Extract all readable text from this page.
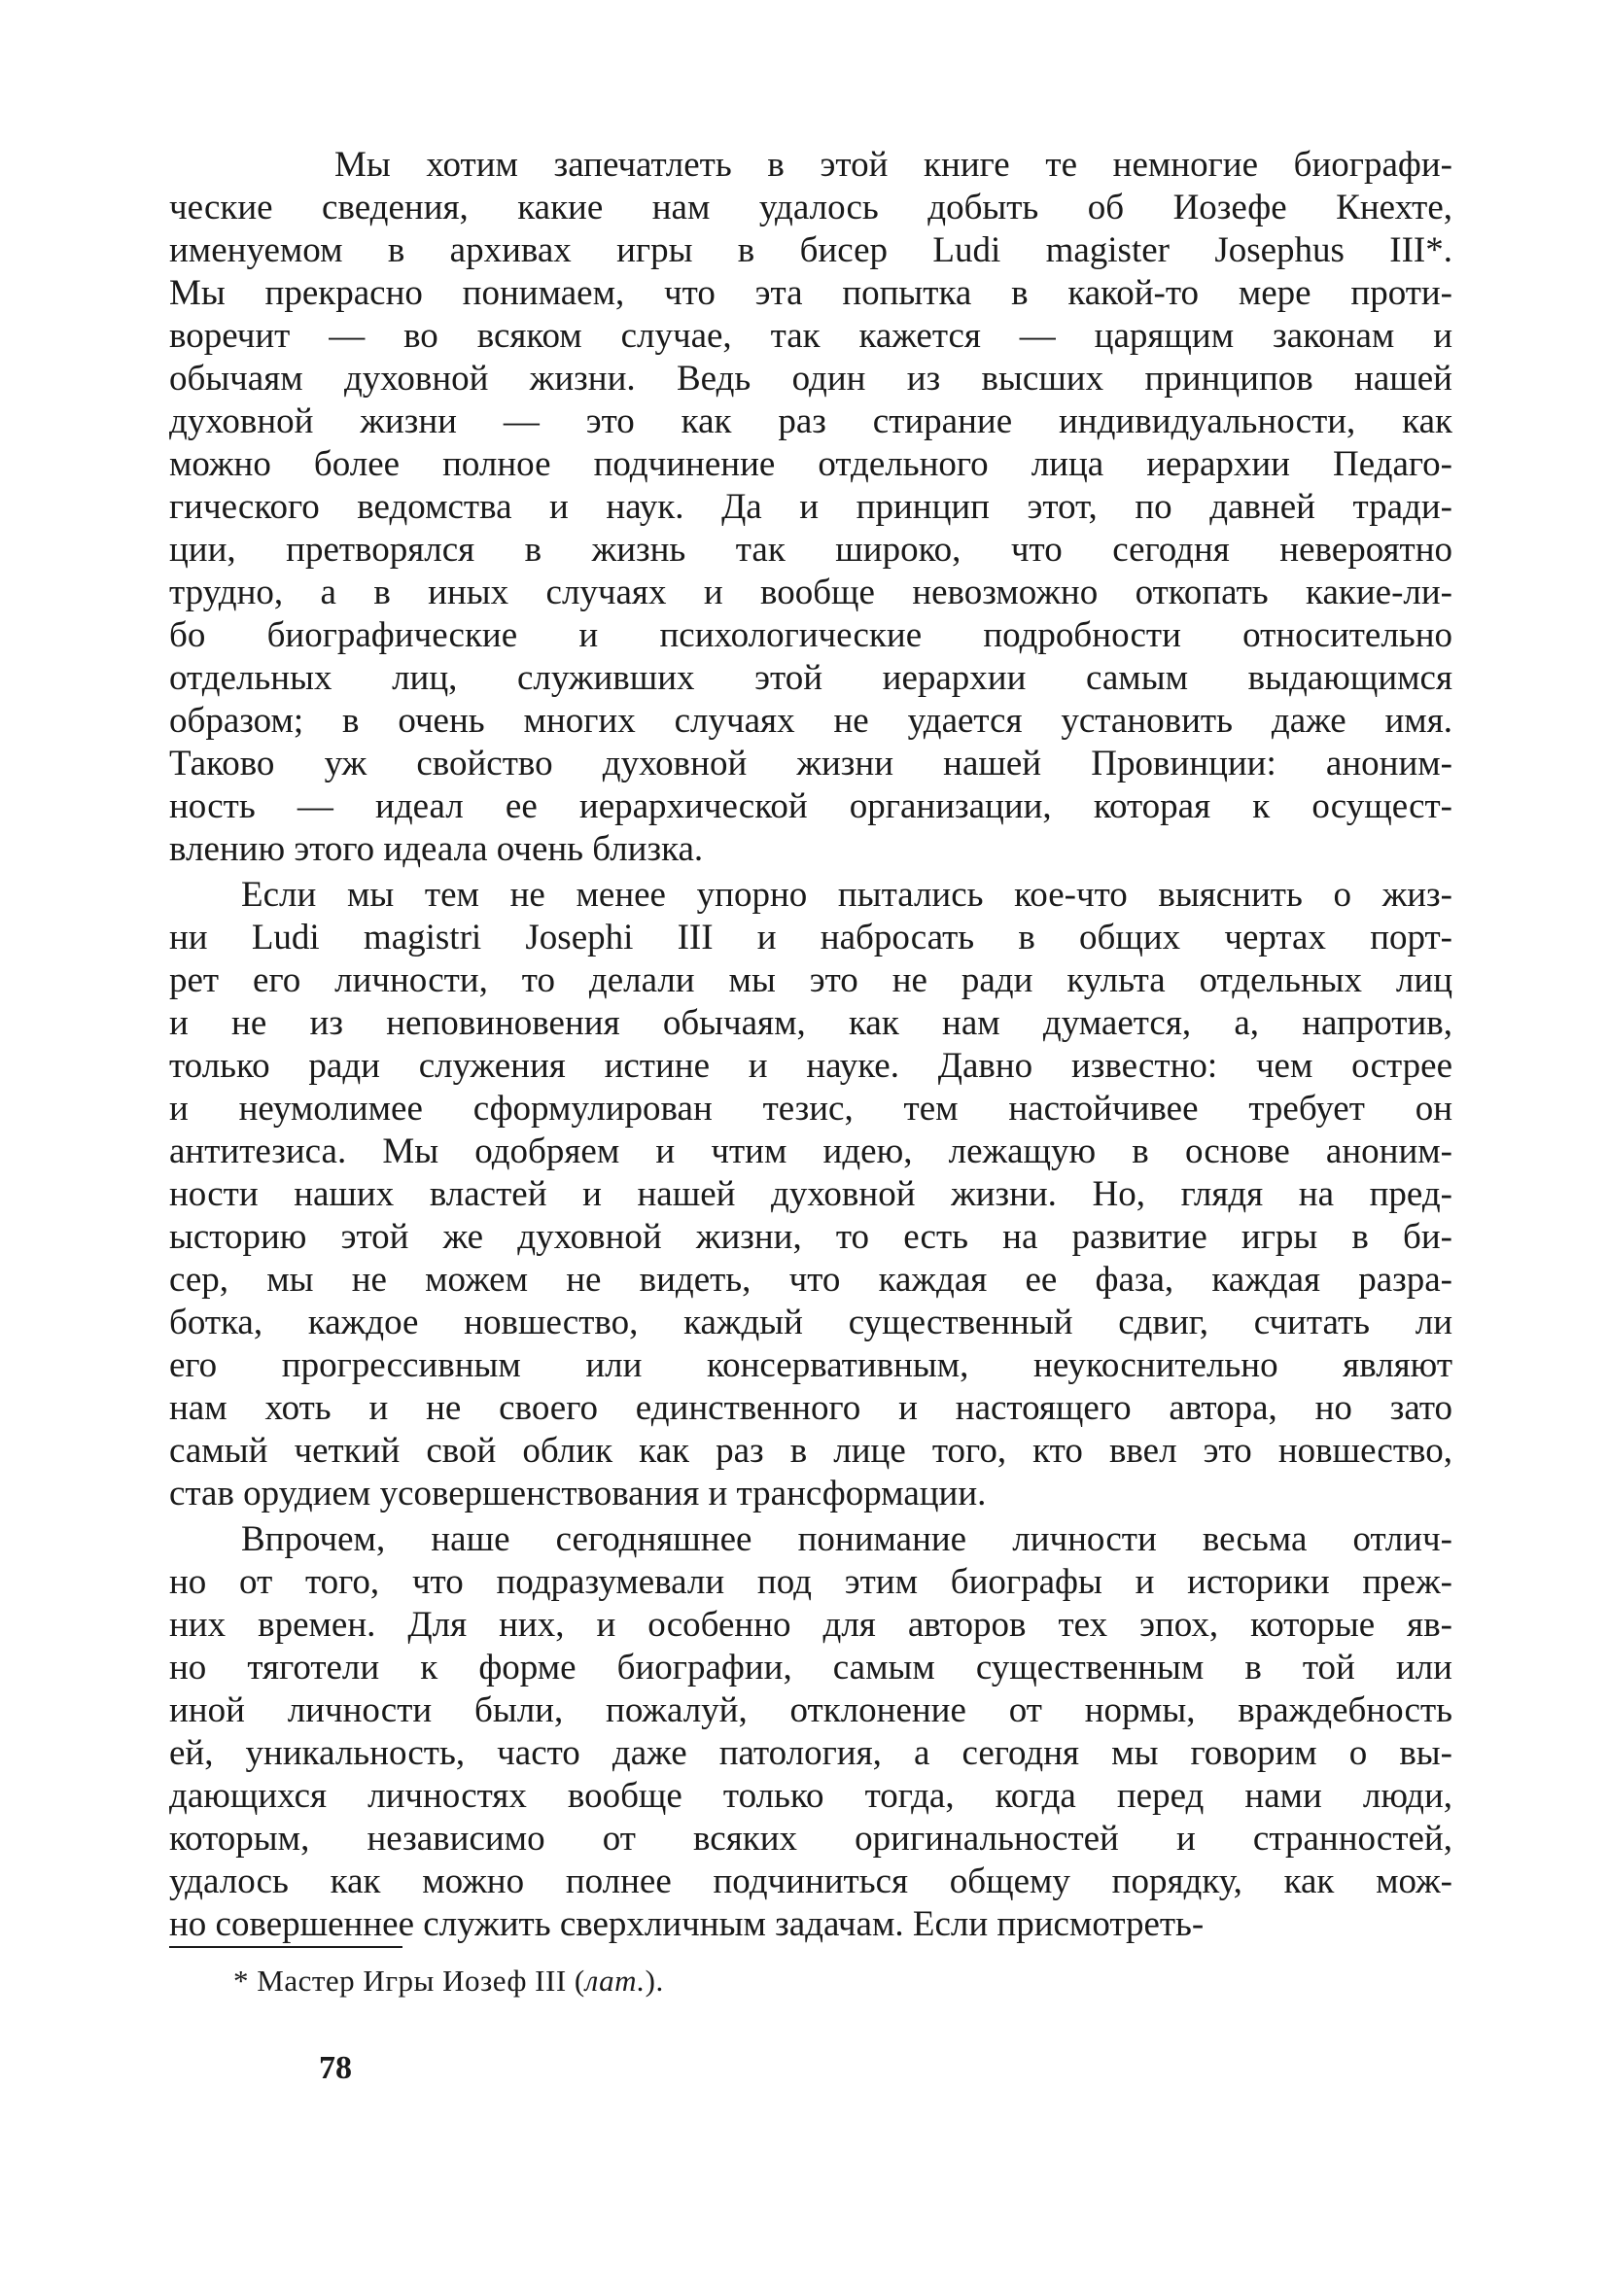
Мы хотим запечатлеть в этой книге те немногие биографи-
ческие сведения, какие нам удалось добыть об Иозефе Кнехте,
именуемом в архивах игры в бисер Ludi magister Josephus III*.
Мы прекрасно понимаем, что эта попытка в какой-то мере проти-
воречит — во всяком случае, так кажется — царящим законам и
обычаям духовной жизни. Ведь один из высших принципов нашей
духовной жизни — это как раз стирание индивидуальности, как
можно более полное подчинение отдельного лица иерархии Педаго-
гического ведомства и наук. Да и принцип этот, по давней тради-
ции, претворялся в жизнь так широко, что сегодня невероятно
трудно, а в иных случаях и вообще невозможно откопать какие-ли-
бо биографические и психологические подробности относительно
отдельных лиц, служивших этой иерархии самым выдающимся
образом; в очень многих случаях не удается установить даже имя.
Таково уж свойство духовной жизни нашей Провинции: аноним-
ность — идеал ее иерархической организации, которая к осущест-
влению этого идеала очень близка.
Если мы тем не менее упорно пытались кое-что выяснить о жиз-
ни Ludi magistri Josephi III и набросать в общих чертах порт-
рет его личности, то делали мы это не ради культа отдельных лиц
и не из неповиновения обычаям, как нам думается, а, напротив,
только ради служения истине и науке. Давно известно: чем острее
и неумолимее сформулирован тезис, тем настойчивее требует он
антитезиса. Мы одобряем и чтим идею, лежащую в основе аноним-
ности наших властей и нашей духовной жизни. Но, глядя на пред-
ысторию этой же духовной жизни, то есть на развитие игры в би-
сер, мы не можем не видеть, что каждая ее фаза, каждая разра-
ботка, каждое новшество, каждый существенный сдвиг, считать ли
его прогрессивным или консервативным, неукоснительно являют
нам хоть и не своего единственного и настоящего автора, но зато
самый четкий свой облик как раз в лице того, кто ввел это новшество,
став орудием усовершенствования и трансформации.
Впрочем, наше сегодняшнее понимание личности весьма отлич-
но от того, что подразумевали под этим биографы и историки преж-
них времен. Для них, и особенно для авторов тех эпох, которые яв-
но тяготели к форме биографии, самым существенным в той или
иной личности были, пожалуй, отклонение от нормы, враждебность
ей, уникальность, часто даже патология, а сегодня мы говорим о вы-
дающихся личностях вообще только тогда, когда перед нами люди,
которым, независимо от всяких оригинальностей и странностей,
удалось как можно полнее подчиниться общему порядку, как мож-
но совершеннее служить сверхличным задачам. Если присмотреть-
* Мастер Игры Иозеф III (лат.).
78
